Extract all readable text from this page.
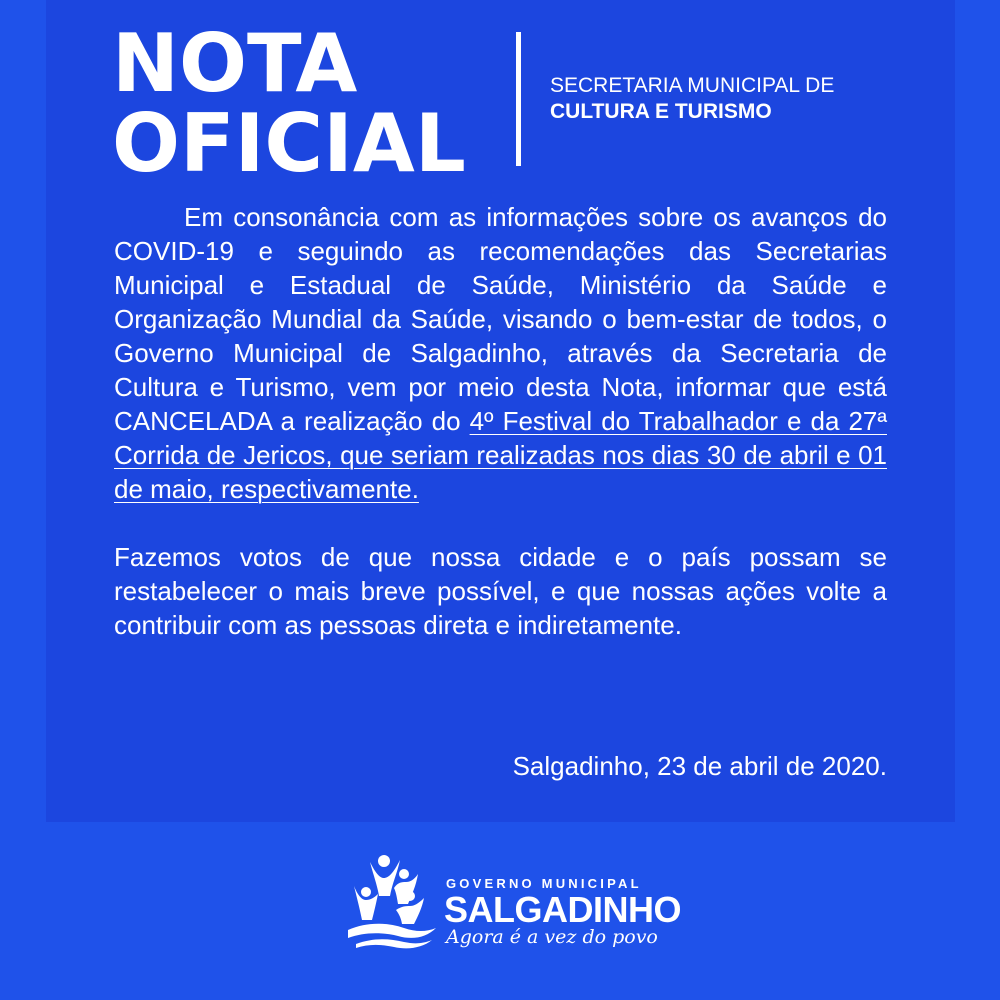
NOTA
OFICIAL
SECRETARIA MUNICIPAL DE
CULTURA E TURISMO

Em consonância com as informações sobre os avanços do COVID-19 e seguindo as recomendações das Secretarias Municipal e Estadual de Saúde, Ministério da Saúde e Organização Mundial da Saúde, visando o bem-estar de todos, o Governo Municipal de Salgadinho, através da Secretaria de Cultura e Turismo, vem por meio desta Nota, informar que está CANCELADA a realização do 4º Festival do Trabalhador e da 27ª Corrida de Jericos, que seriam realizadas nos dias 30 de abril e 01 de maio, respectivamente.

Fazemos votos de que nossa cidade e o país possam se restabelecer o mais breve possível, e que nossas ações volte a contribuir com as pessoas direta e indiretamente.

Salgadinho, 23 de abril de 2020.
GOVERNO MUNICIPAL
SALGADINHO
Agora é a vez do povo
